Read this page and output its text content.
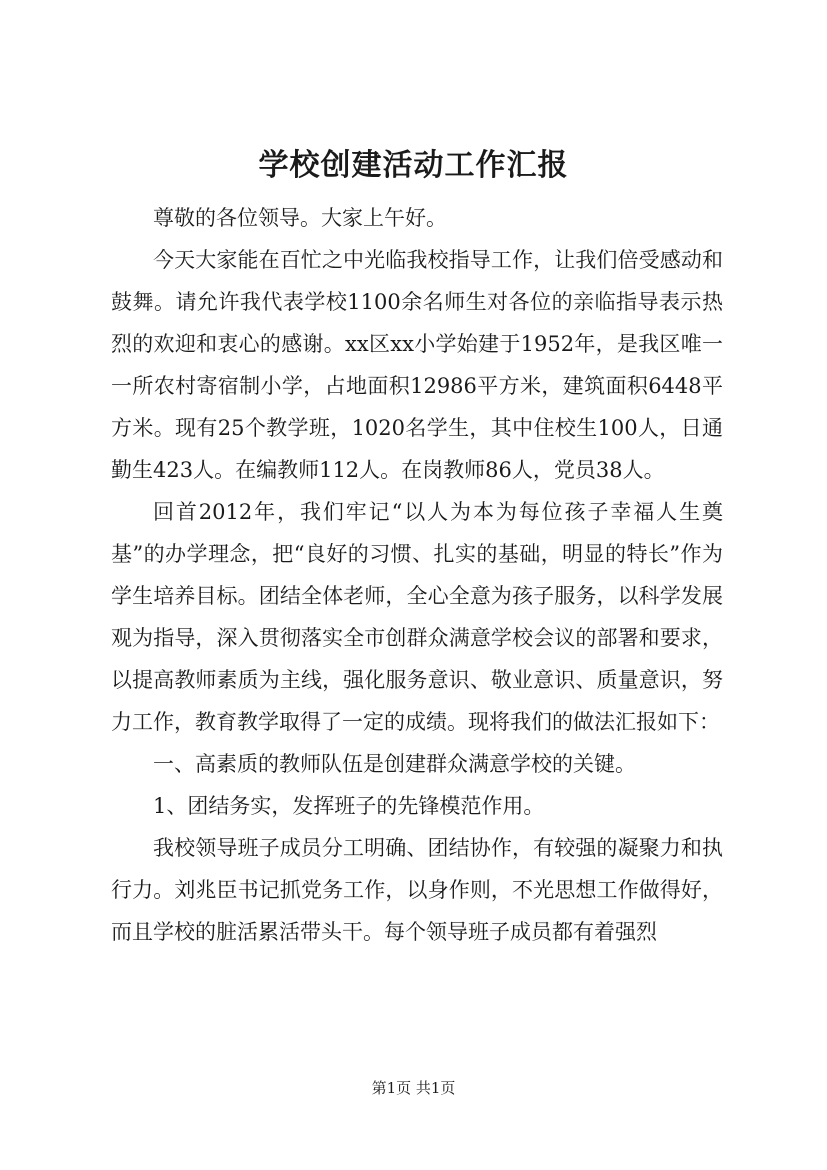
学校创建活动工作汇报

尊敬的各位领导。大家上午好。

今天大家能在百忙之中光临我校指导工作，让我们倍受感动和鼓舞。请允许我代表学校1100余名师生对各位的亲临指导表示热烈的欢迎和衷心的感谢。xx区xx小学始建于1952年，是我区唯一一所农村寄宿制小学，占地面积12986平方米，建筑面积6448平方米。现有25个教学班，1020名学生，其中住校生100人，日通勤生423人。在编教师112人。在岗教师86人，党员38人。

回首2012年，我们牢记“以人为本为每位孩子幸福人生奠基”的办学理念，把“良好的习惯、扎实的基础，明显的特长”作为学生培养目标。团结全体老师，全心全意为孩子服务，以科学发展观为指导，深入贯彻落实全市创群众满意学校会议的部署和要求，以提高教师素质为主线，强化服务意识、敬业意识、质量意识，努力工作，教育教学取得了一定的成绩。现将我们的做法汇报如下：

一、高素质的教师队伍是创建群众满意学校的关键。

1、团结务实，发挥班子的先锋模范作用。

我校领导班子成员分工明确、团结协作，有较强的凝聚力和执行力。刘兆臣书记抓党务工作，以身作则，不光思想工作做得好，而且学校的脏活累活带头干。每个领导班子成员都有着强烈

第1页 共1页
